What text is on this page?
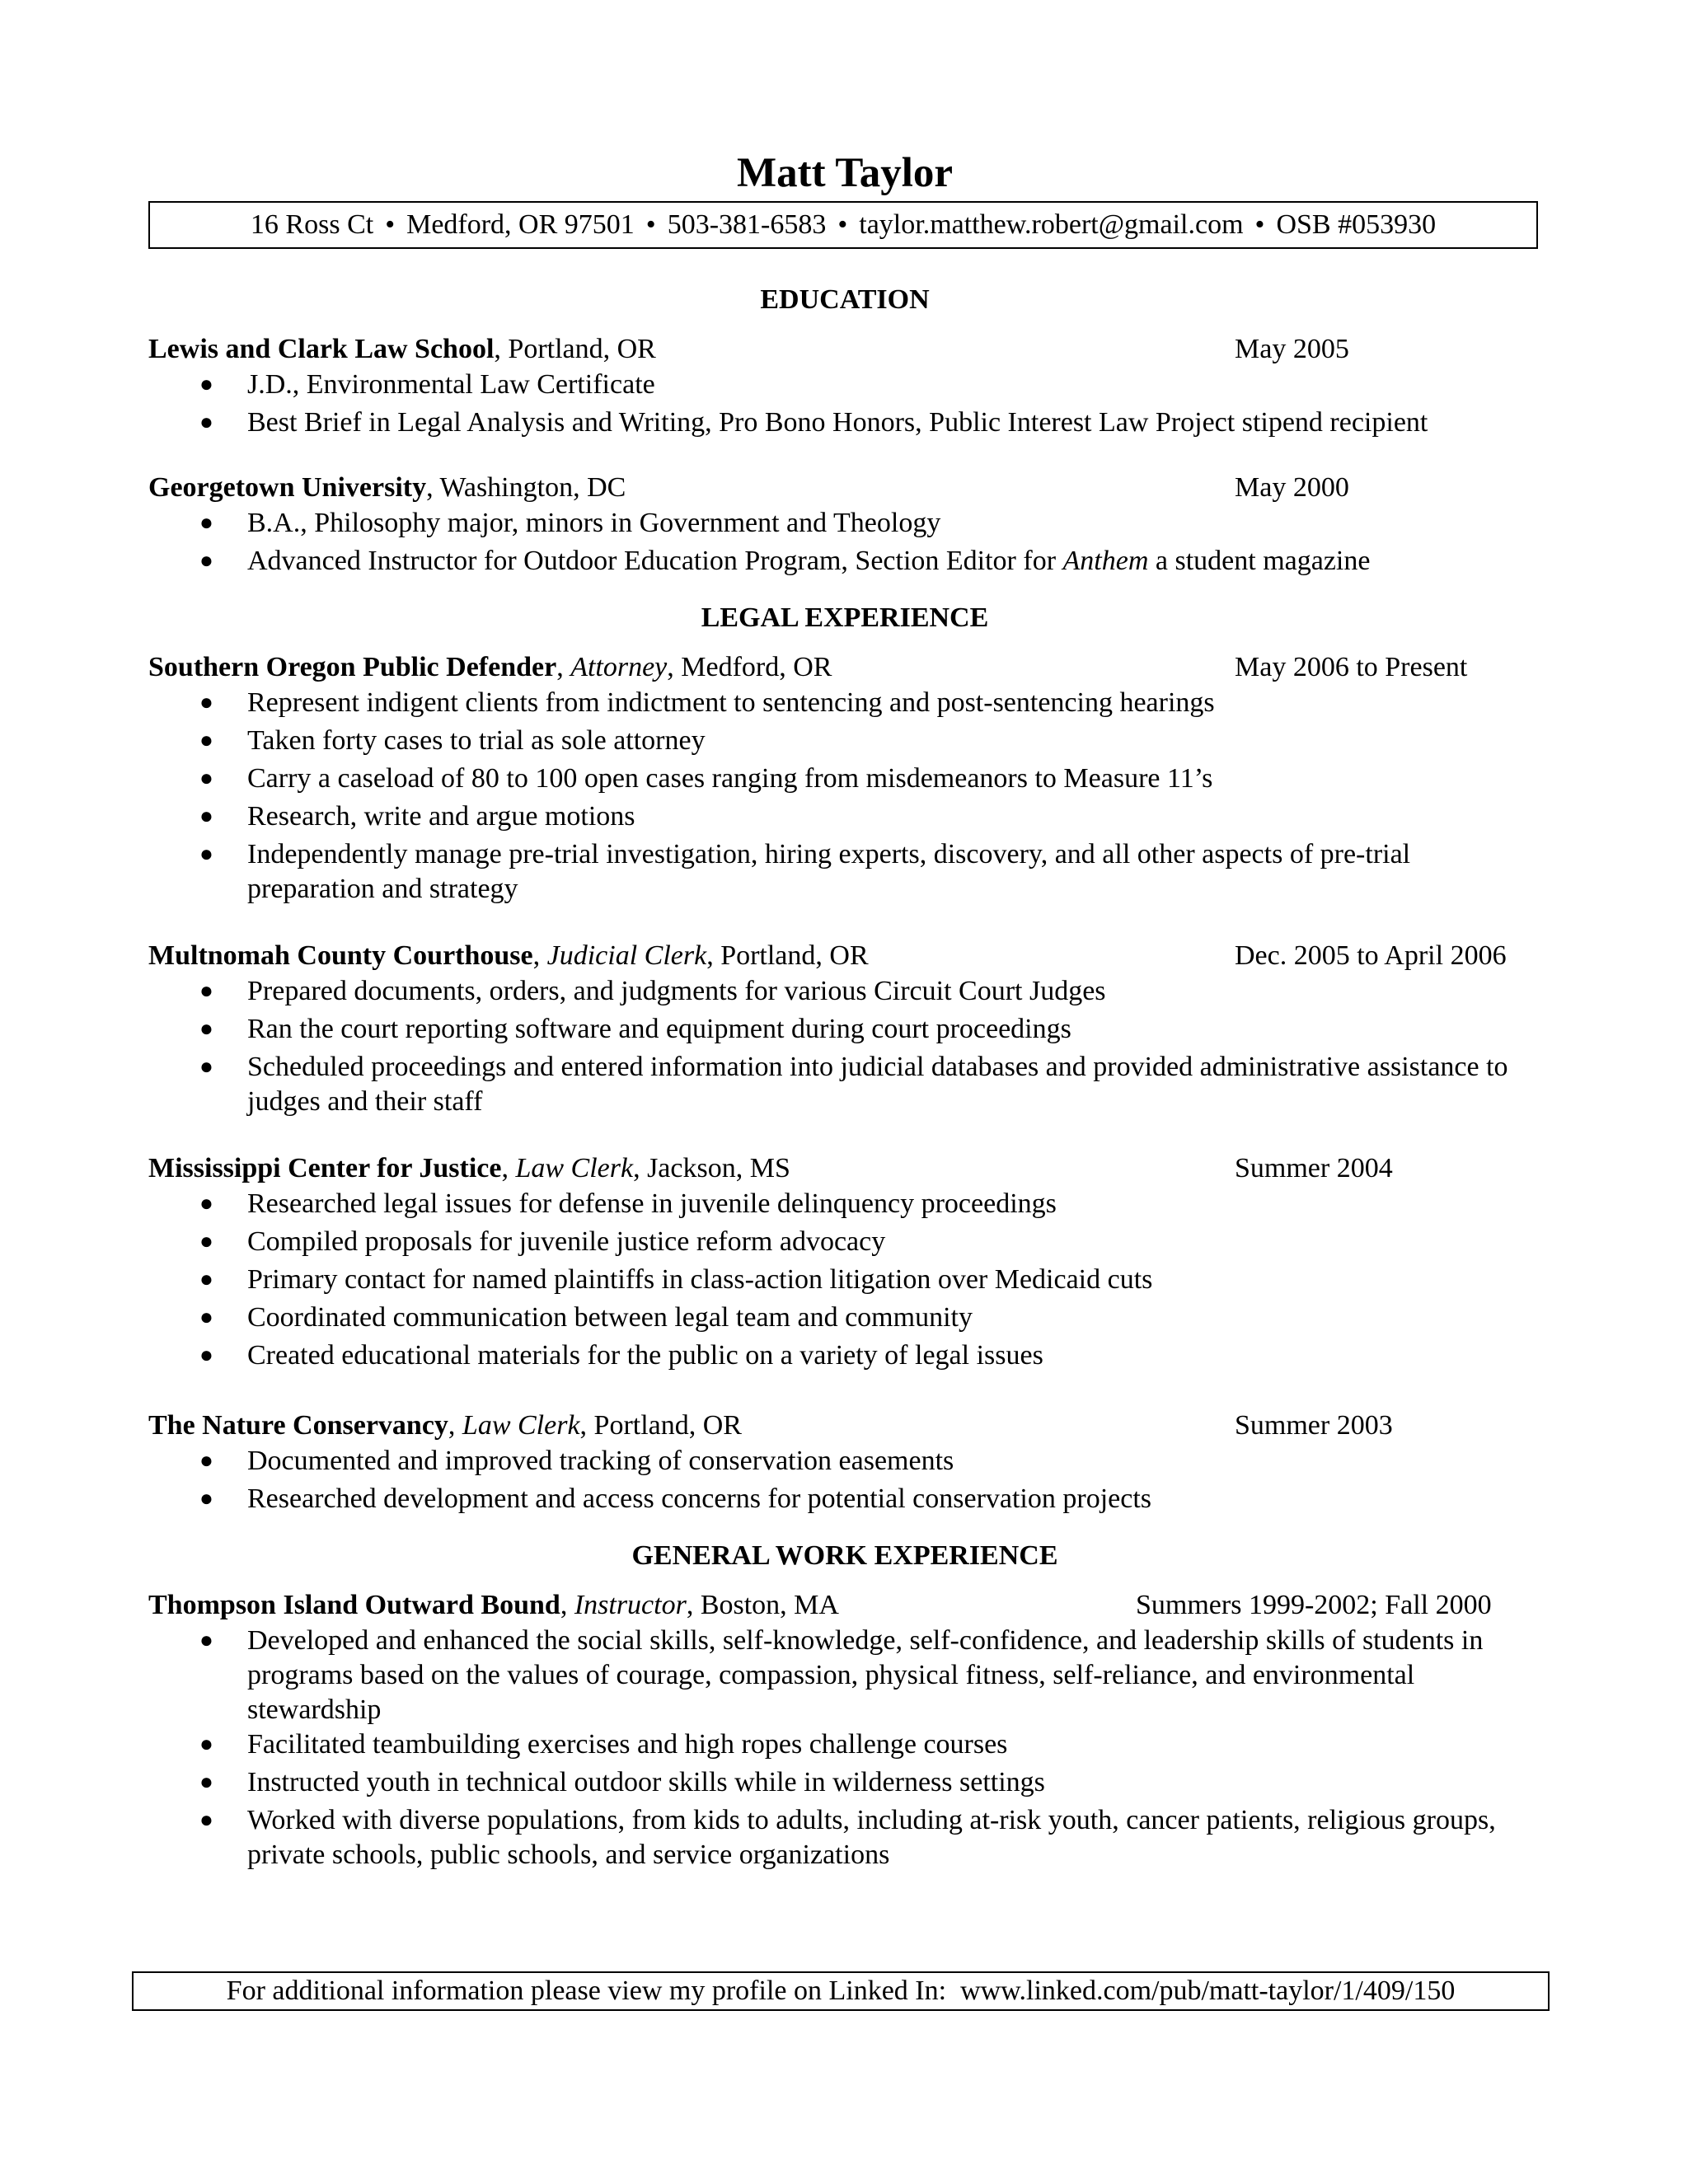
Matt Taylor
16 Ross Ct • Medford, OR 97501 • 503-381-6583 • taylor.matthew.robert@gmail.com • OSB #053930
EDUCATION
Lewis and Clark Law School, Portland, OR	May 2005
● J.D., Environmental Law Certificate
● Best Brief in Legal Analysis and Writing, Pro Bono Honors, Public Interest Law Project stipend recipient
Georgetown University, Washington, DC	May 2000
● B.A., Philosophy major, minors in Government and Theology
● Advanced Instructor for Outdoor Education Program, Section Editor for Anthem a student magazine
LEGAL EXPERIENCE
Southern Oregon Public Defender, Attorney, Medford, OR	May 2006 to Present
● Represent indigent clients from indictment to sentencing and post-sentencing hearings
● Taken forty cases to trial as sole attorney
● Carry a caseload of 80 to 100 open cases ranging from misdemeanors to Measure 11’s
● Research, write and argue motions
● Independently manage pre-trial investigation, hiring experts, discovery, and all other aspects of pre-trial preparation and strategy
Multnomah County Courthouse, Judicial Clerk, Portland, OR	Dec. 2005 to April 2006
● Prepared documents, orders, and judgments for various Circuit Court Judges
● Ran the court reporting software and equipment during court proceedings
● Scheduled proceedings and entered information into judicial databases and provided administrative assistance to judges and their staff
Mississippi Center for Justice, Law Clerk, Jackson, MS	Summer 2004
● Researched legal issues for defense in juvenile delinquency proceedings
● Compiled proposals for juvenile justice reform advocacy
● Primary contact for named plaintiffs in class-action litigation over Medicaid cuts
● Coordinated communication between legal team and community
● Created educational materials for the public on a variety of legal issues
The Nature Conservancy, Law Clerk, Portland, OR	Summer 2003
● Documented and improved tracking of conservation easements
● Researched development and access concerns for potential conservation projects
GENERAL WORK EXPERIENCE
Thompson Island Outward Bound, Instructor, Boston, MA	Summers 1999-2002; Fall 2000
● Developed and enhanced the social skills, self-knowledge, self-confidence, and leadership skills of students in programs based on the values of courage, compassion, physical fitness, self-reliance, and environmental stewardship
● Facilitated teambuilding exercises and high ropes challenge courses
● Instructed youth in technical outdoor skills while in wilderness settings
● Worked with diverse populations, from kids to adults, including at-risk youth, cancer patients, religious groups, private schools, public schools, and service organizations
For additional information please view my profile on Linked In:  www.linked.com/pub/matt-taylor/1/409/150
